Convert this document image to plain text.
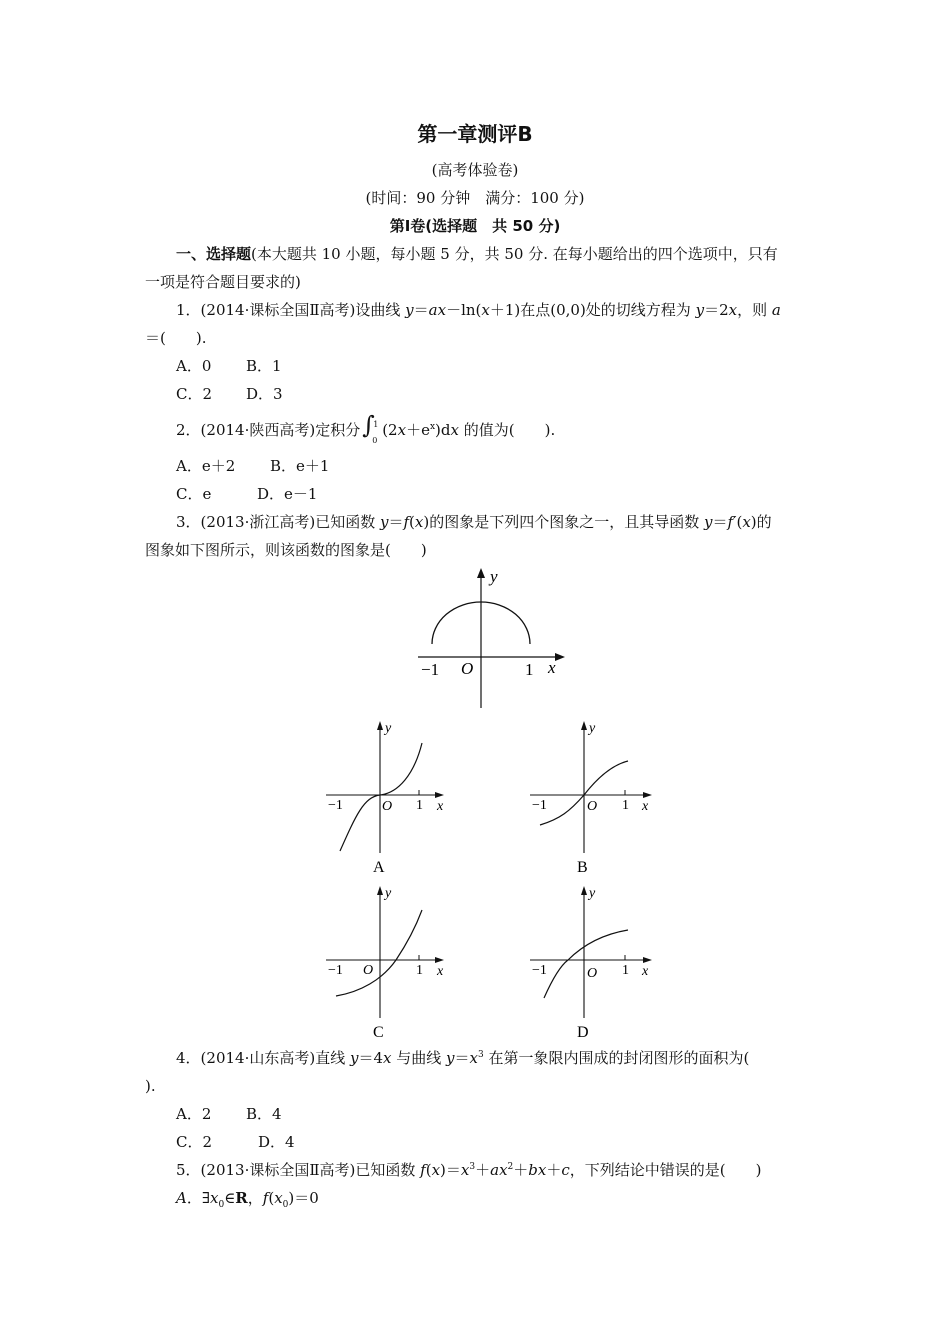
第一章测评B
(高考体验卷)
(时间：90 分钟　满分：100 分)
第Ⅰ卷(选择题　共 50 分)
一、选择题(本大题共 10 小题，每小题 5 分，共 50 分. 在每小题给出的四个选项中，只有
一项是符合题目要求的)
1．(2014·课标全国Ⅱ高考)设曲线 y＝ax－ln(x＋1)在点(0,0)处的切线方程为 y＝2x，则 a
＝(　　).
A．0 B．1
C．2 D．3
2．(2014·陕西高考)定积分 ∫
1
0
$(2x+e^x)dx$ 的值为(　　).
A．e＋2 B．e＋1
C．e	D．e－1
3．(2013·浙江高考)已知函数 y＝f(x)的图象是下列四个图象之一，且其导函数 y＝f′(x)的
图象如下图所示，则该函数的图象是(　　)
y
x
O
−1	1
y
x
O
−1	1
A
y
x
O
−1	1
B
y
x
O
−1	1
C
y
x
O
−1	1
D
4．(2014·山东高考)直线 y＝4x 与曲线 $y=x^3$ 在第一象限内围成的封闭图形的面积为(
).
A．2 B．4
C．2	D．4
5．(2013·课标全国Ⅱ高考)已知函数 $f(x)=x^3+ax^2+bx+c$，下列结论中错误的是(　　)
A．$\exists x_0\in R$，$f(x_0)=0$
